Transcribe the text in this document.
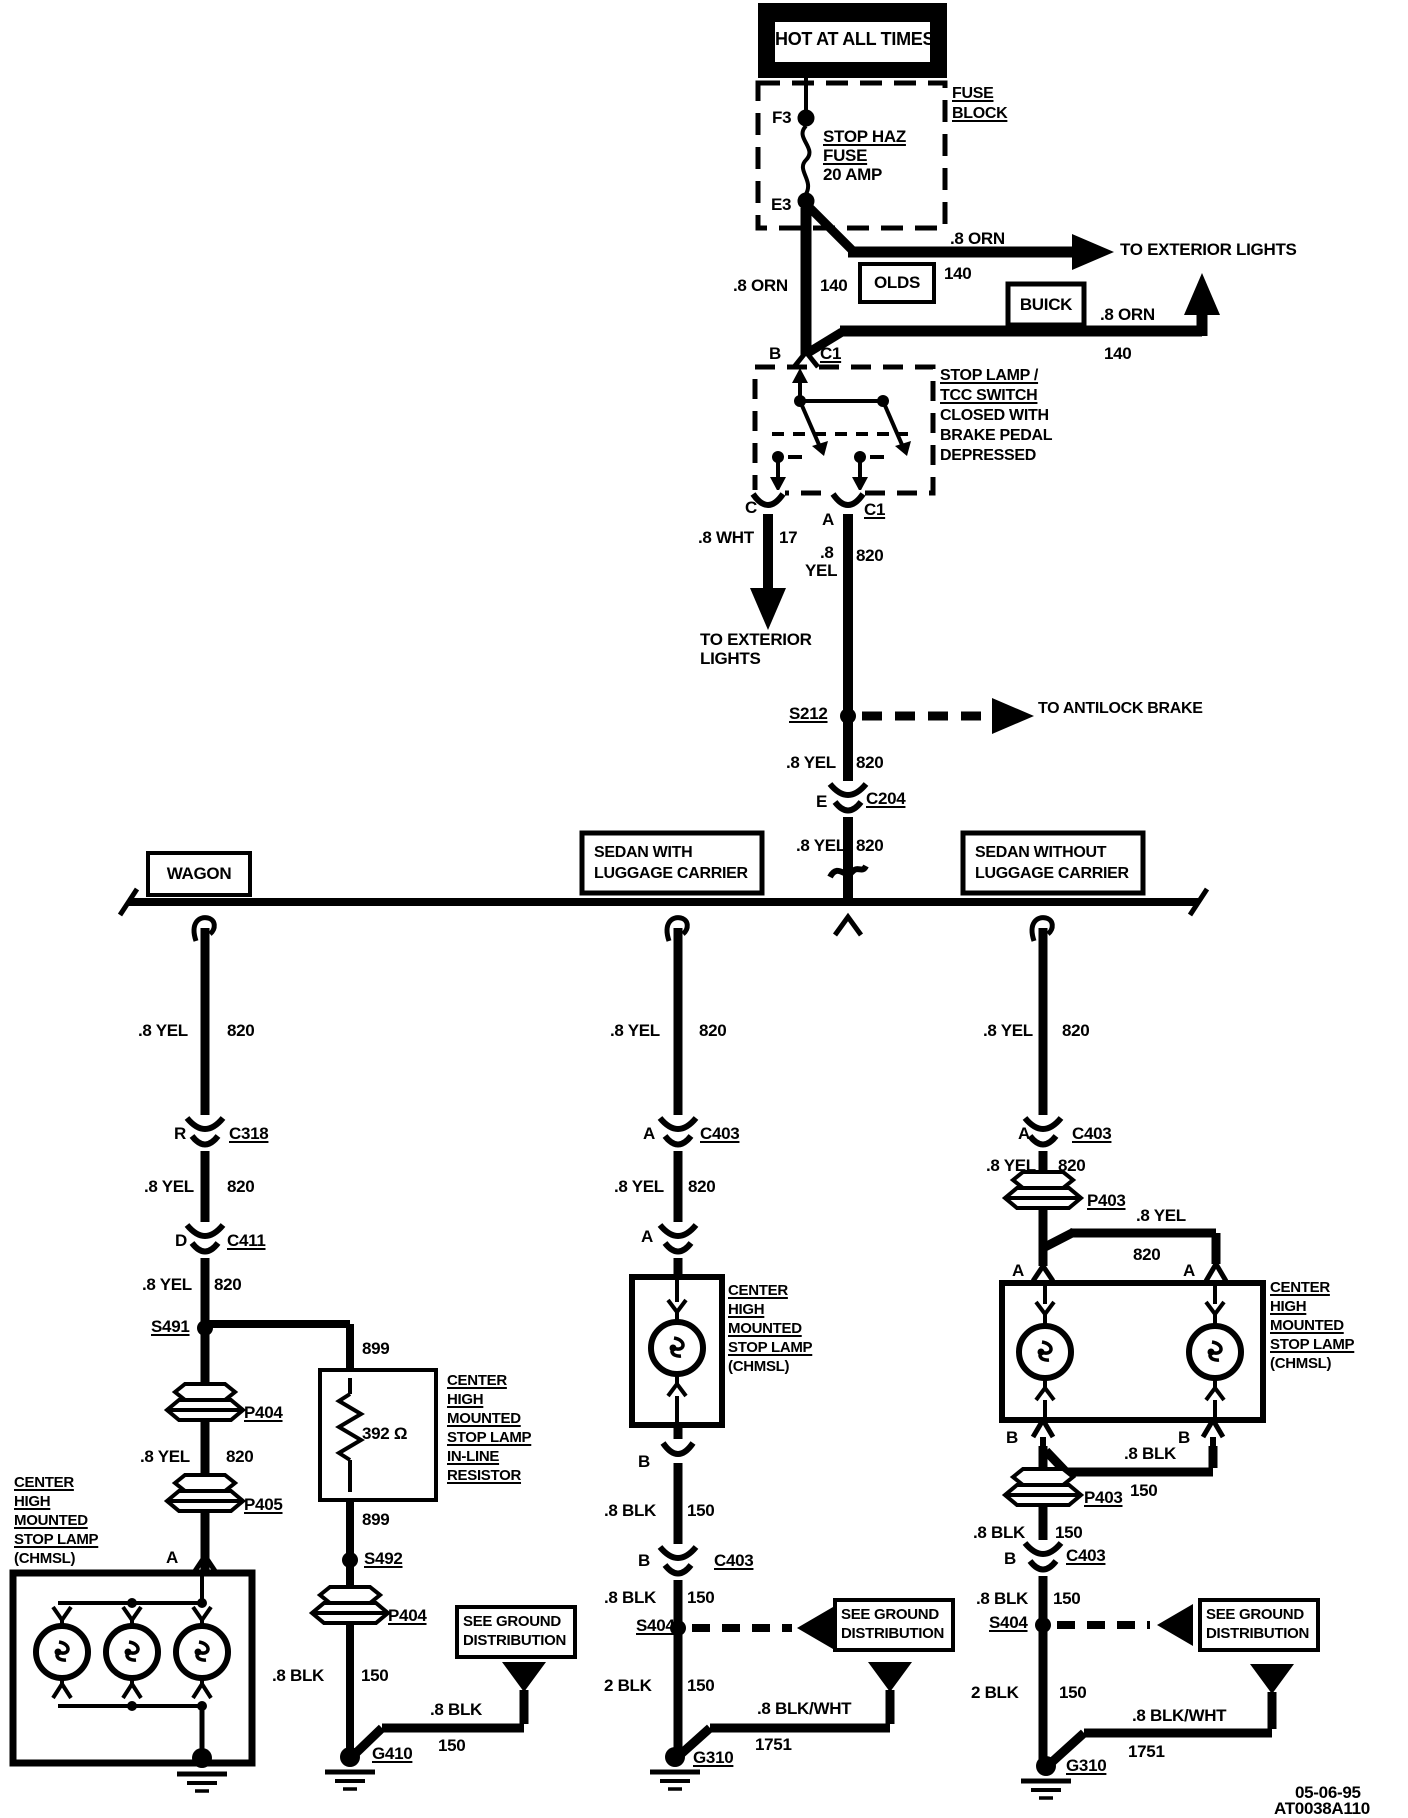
HOT AT ALL TIMES
FUSE
BLOCK
F3
E3
STOP HAZ
FUSE
20 AMP
.8 ORN
140
TO EXTERIOR LIGHTS
.8 ORN 140	OLDS
BUICK
.8 ORN
140
B C1
STOP LAMP /
TCC SWITCH
CLOSED WITH
BRAKE PEDAL
DEPRESSED
C
A
C1
.8 WHT 17
TO EXTERIOR
LIGHTS
.8
YEL
820
S212	TO ANTILOCK BRAKE
.8 YEL 820
E C204
.8 YEL 820
WAGON
SEDAN WITH
LUGGAGE CARRIER
SEDAN WITHOUT
LUGGAGE CARRIER
.8 YEL 820
R	C318
.8 YEL 820
D C411
.8 YEL 820
S491
899
392 Ω
CENTER
HIGH
MOUNTED
STOP LAMP
IN-LINE
RESISTOR
899
S492
P404
.8 BLK 150
G410
SEE GROUND
DISTRIBUTION
.8 BLK
150
P404
.8 YEL 820
P405
CENTER
HIGH
MOUNTED
STOP LAMP
(CHMSL)	A
.8 YEL 820
A	C403
.8 YEL 820
A
CENTER
HIGH
MOUNTED
STOP LAMP
(CHMSL)
B
.8 BLK 150
B	C403
.8 BLK 150
S404
SEE GROUND
DISTRIBUTION
2 BLK 150
G310
.8 BLK/WHT
1751
.8 YEL 820
A C403
.8 YEL 820
P403
.8 YEL
820
A	A
CENTER
HIGH
MOUNTED
STOP LAMP
(CHMSL)
B	B
.8 BLK
150
P403
.8 BLK 150
B	C403
.8 BLK 150
S404	SEE GROUND
DISTRIBUTION
2 BLK 150
G310
.8 BLK/WHT
1751
05-06-95
AT0038A110
